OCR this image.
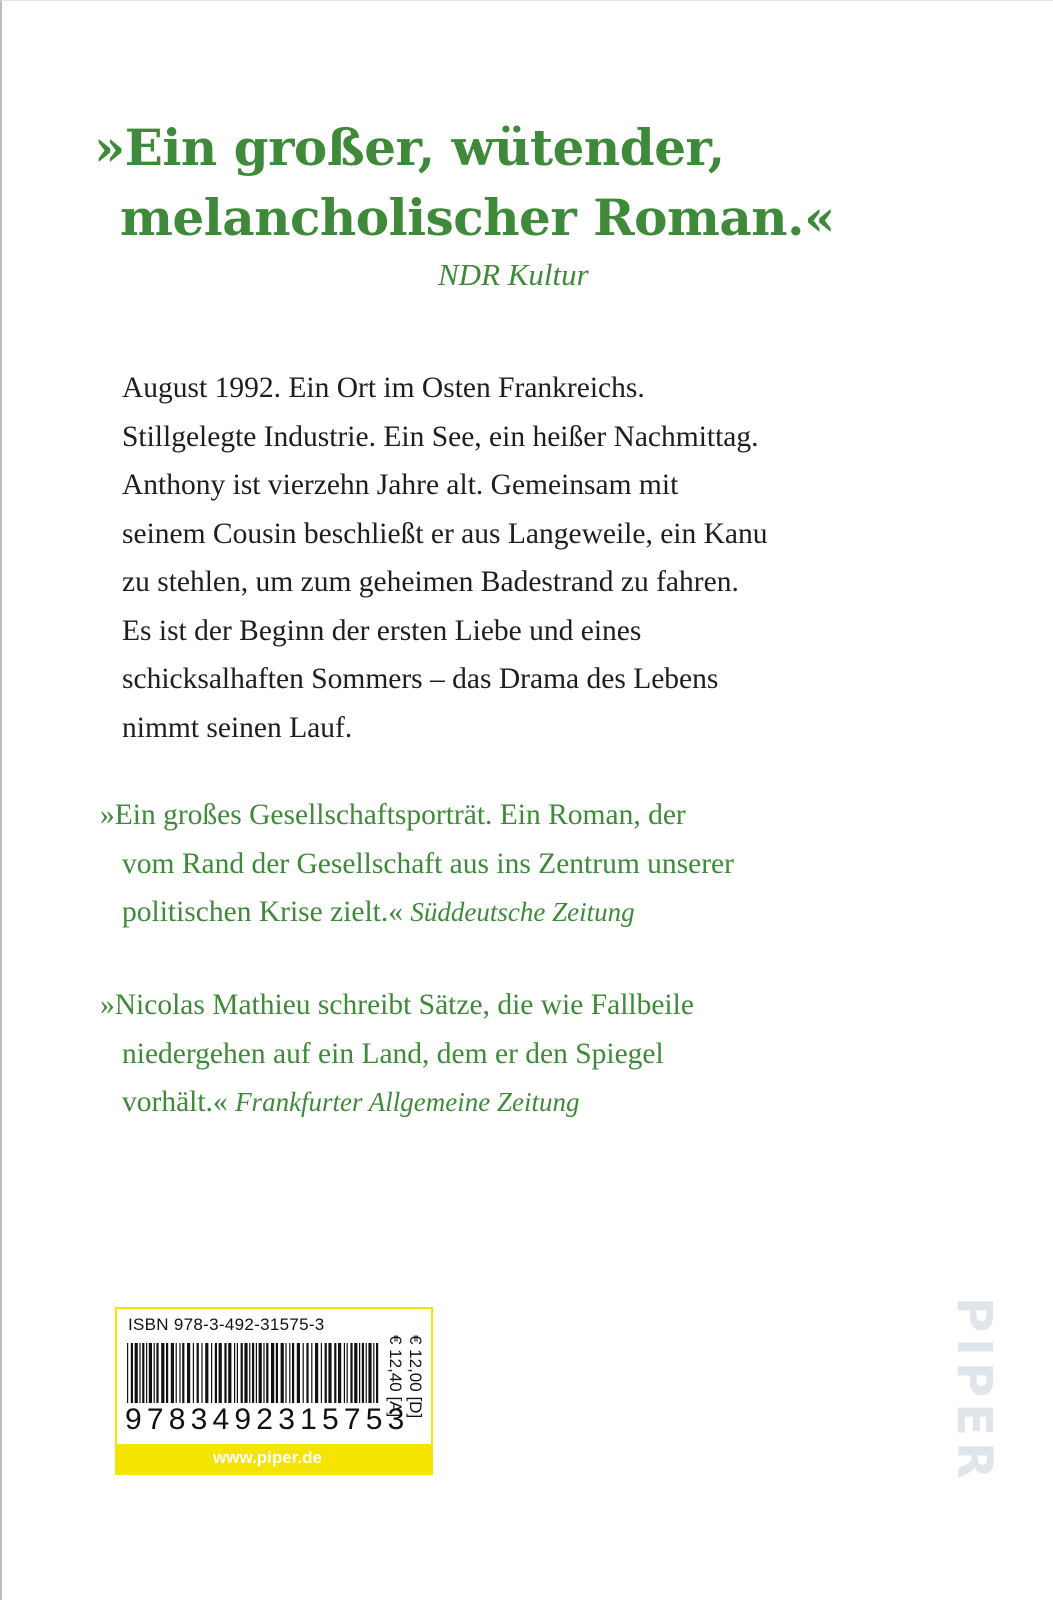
»Ein großer, wütender,
melancholischer Roman.«
NDR Kultur
August 1992. Ein Ort im Osten Frankreichs.
Stillgelegte Industrie. Ein See, ein heißer Nachmittag.
Anthony ist vierzehn Jahre alt. Gemeinsam mit
seinem Cousin beschließt er aus Langeweile, ein Kanu
zu stehlen, um zum geheimen Badestrand zu fahren.
Es ist der Beginn der ersten Liebe und eines
schicksalhaften Sommers – das Drama des Lebens
nimmt seinen Lauf.
»Ein großes Gesellschaftsporträt. Ein Roman, der
vom Rand der Gesellschaft aus ins Zentrum unserer
politischen Krise zielt.« Süddeutsche Zeitung
»Nicolas Mathieu schreibt Sätze, die wie Fallbeile
niedergehen auf ein Land, dem er den Spiegel
vorhält.« Frankfurter Allgemeine Zeitung
ISBN 978-3-492-31575-3
9783492315753
€ 12,00 [D]
€ 12,40 [A]
www.piper.de	PIPER
